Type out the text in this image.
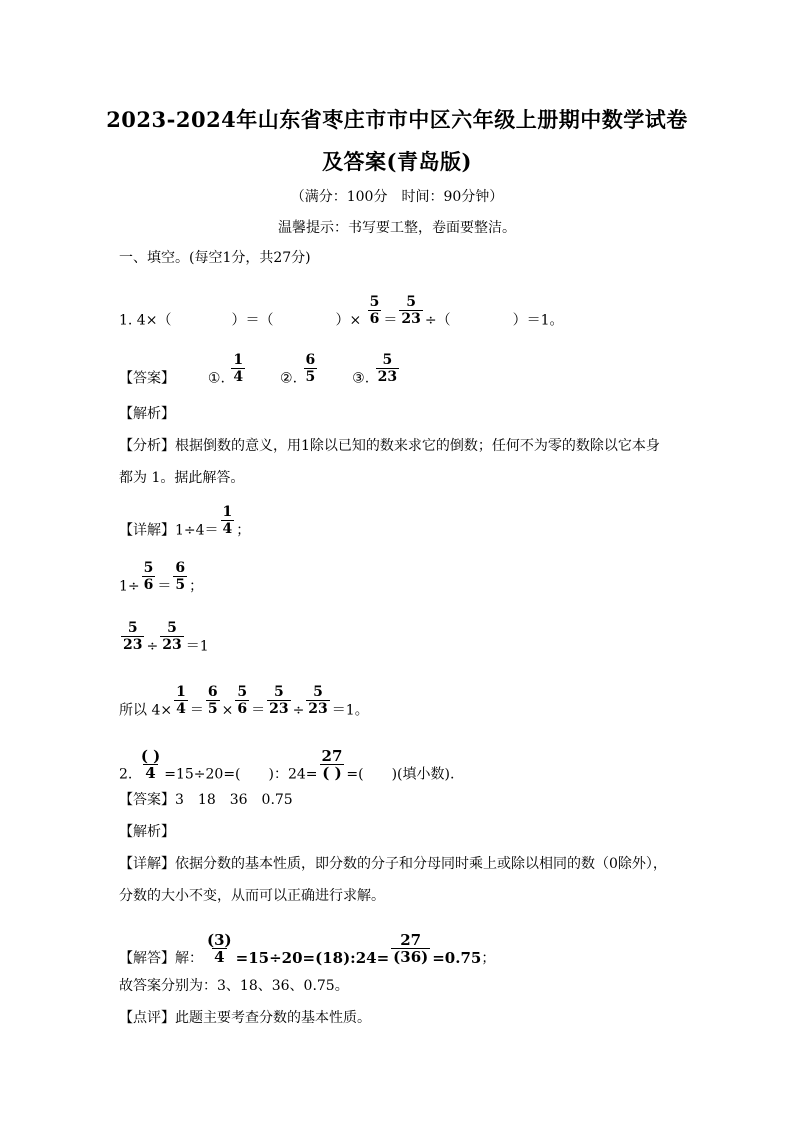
2023-2024年山东省枣庄市市中区六年级上册期中数学试卷
及答案(青岛版)
（满分：100分　时间：90分钟）
温馨提示：书写要工整，卷面要整洁。
一、填空。(每空1分，共27分)
1. 4×（	）＝（	）× $\frac{5}{6} = \frac{5}{23}$ ÷（	）＝1。
【答案】 ①. $\frac{1}{4}$ ②. $\frac{6}{5}$ ③. $\frac{5}{23}$
【解析】
【分析】根据倒数的意义，用1除以已知的数来求它的倒数；任何不为零的数除以它本身
都为 1。据此解答。
【详解】$1\div 4= \frac{1}{4}$ ；
$1\div \frac{5}{6} = \frac{6}{5}$ ；
$\frac{5}{23} \div \frac{5}{23} =1$
所以 $4\times \frac{1}{4} = \frac{6}{5} \times \frac{5}{6} = \frac{5}{23} \div \frac{5}{23} =1$。
2. $\frac{( )}{4} =15\div 20=$(　　)：$24= \frac{27}{( )}$ =(　　)(填小数).
【答案】3　18　36　0.75
【解析】
【详解】依据分数的基本性质，即分数的分子和分母同时乘上或除以相同的数（0除外），
分数的大小不变，从而可以正确进行求解。
【解答】解： $\frac{(3)}{4}$ =15÷20=(18):24= $\frac{27}{(36)} =0.75$；
故答案分别为：3、18、36、0.75。
【点评】此题主要考查分数的基本性质。
